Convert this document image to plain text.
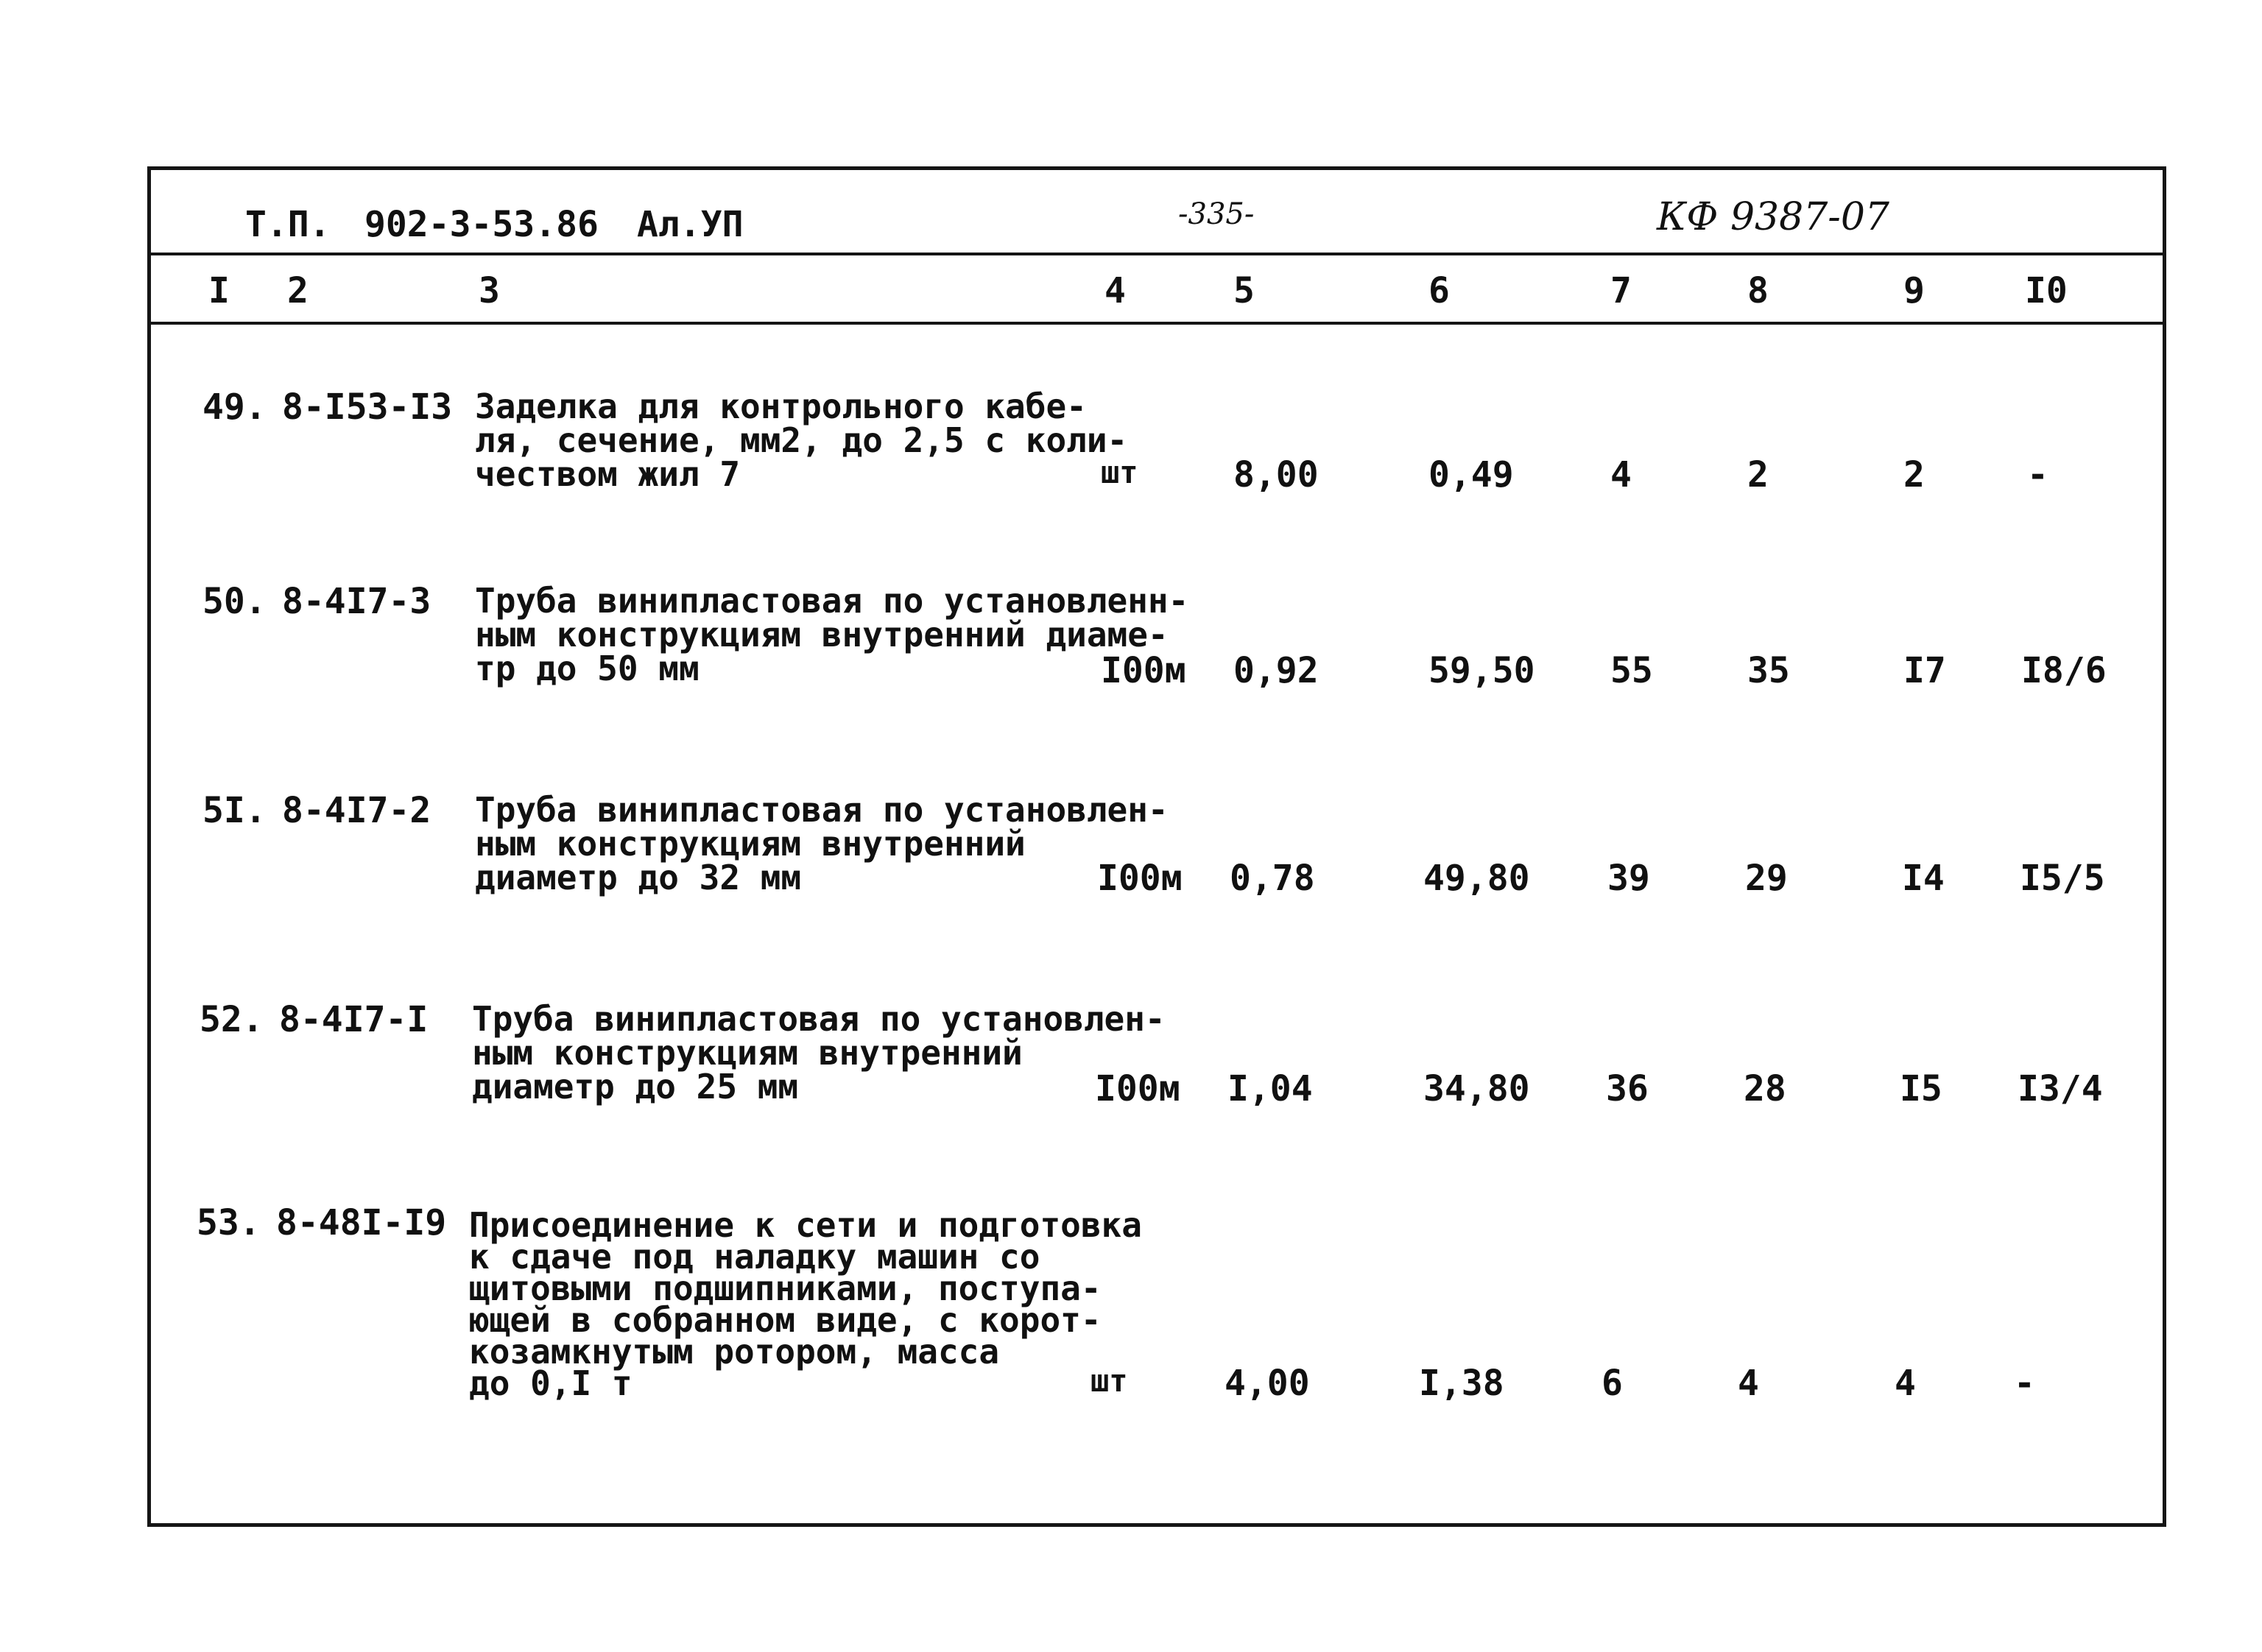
Т.П. 902-3-53.86 Ал.УП	-335-	КФ 9387-07
I 2	3	4	5	6	7	8	9	I0
49. 8-I53-I3 Заделка для контрольного кабе-
ля, сечение, мм2, до 2,5 с коли-
чеством жил 7	шт	8,00	0,49	4	2	2	-
50. 8-4I7-3 Труба винипластовая по установленн-
ным конструкциям внутренний диаме-
тр до 50 мм	I00м 0,92	59,50 55	35	I7 I8/6
5I. 8-4I7-2 Труба винипластовая по установлен-
ным конструкциям внутренний
диаметр до 32 мм	I00м 0,78	49,80 39	29	I4 I5/5
52. 8-4I7-I Труба винипластовая по установлен-
ным конструкциям внутренний
диаметр до 25 мм	I00м I,04	34,80 36	28	I5 I3/4
53. 8-48I-I9 Присоединение к сети и подготовка
к сдаче под наладку машин со
щитовыми подшипниками, поступа-
ющей в собранном виде, с корот-
козамкнутым ротором, масса
до 0,I т	шт	4,00	I,38	6	4	4	-
